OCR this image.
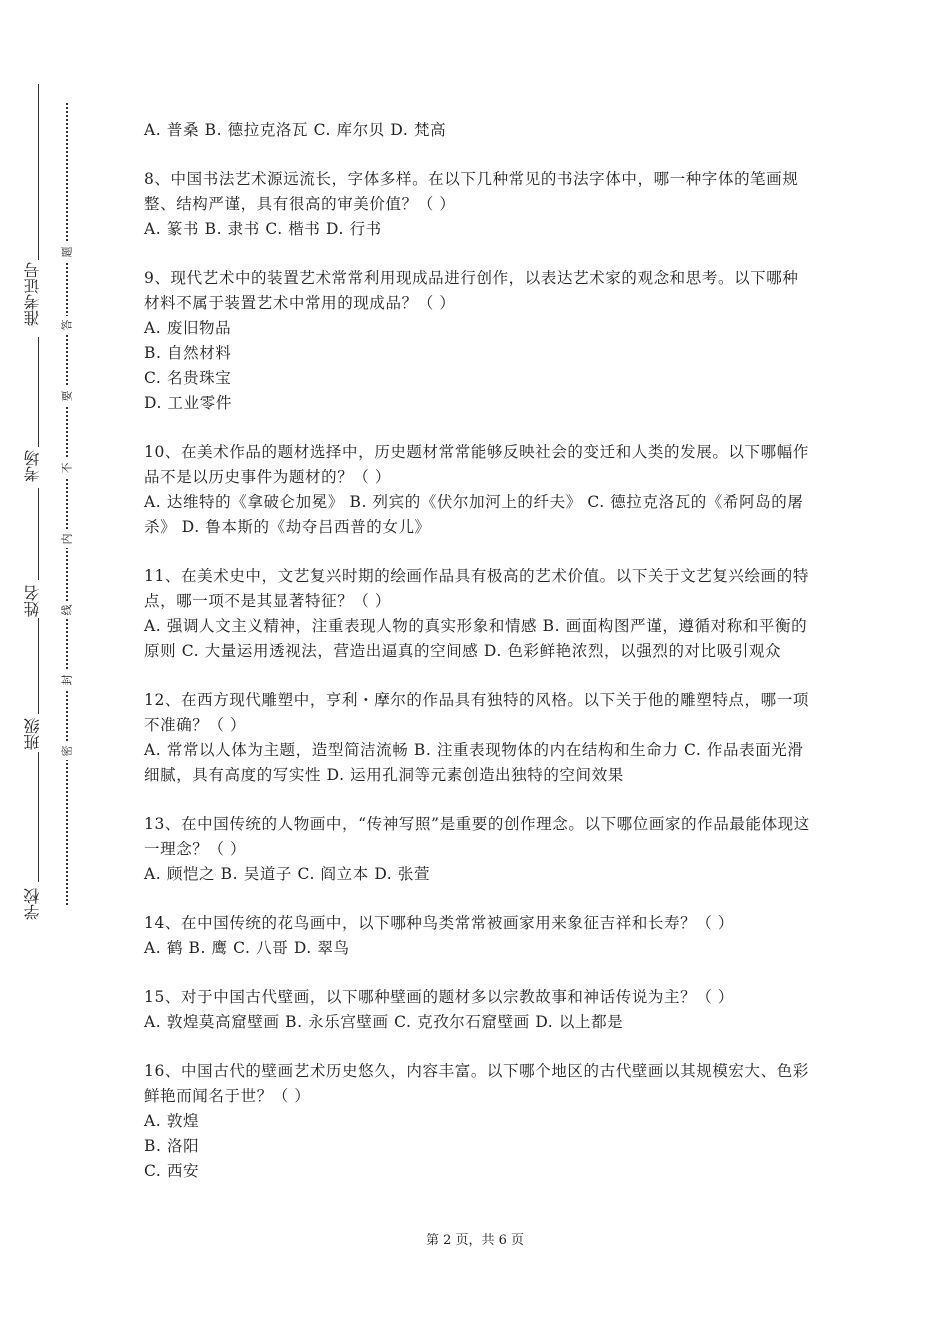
学校
班级
姓名
考场
准考证号
密
封
线
内
不
要
答
题

A. 普桑 B. 德拉克洛瓦 C. 库尔贝 D. 梵高

8、中国书法艺术源远流长，字体多样。在以下几种常见的书法字体中，哪一种字体的笔画规整、结构严谨，具有很高的审美价值？（ ）

A. 篆书 B. 隶书 C. 楷书 D. 行书

9、现代艺术中的装置艺术常常利用现成品进行创作，以表达艺术家的观念和思考。以下哪种材料不属于装置艺术中常用的现成品？（ ）

A. 废旧物品

B. 自然材料

C. 名贵珠宝

D. 工业零件

10、在美术作品的题材选择中，历史题材常常能够反映社会的变迁和人类的发展。以下哪幅作品不是以历史事件为题材的？（ ）

A. 达维特的《拿破仑加冕》 B. 列宾的《伏尔加河上的纤夫》 C. 德拉克洛瓦的《希阿岛的屠杀》 D. 鲁本斯的《劫夺吕西普的女儿》

11、在美术史中，文艺复兴时期的绘画作品具有极高的艺术价值。以下关于文艺复兴绘画的特点，哪一项不是其显著特征？（ ）

A. 强调人文主义精神，注重表现人物的真实形象和情感 B. 画面构图严谨，遵循对称和平衡的原则 C. 大量运用透视法，营造出逼真的空间感 D. 色彩鲜艳浓烈，以强烈的对比吸引观众

12、在西方现代雕塑中，亨利・摩尔的作品具有独特的风格。以下关于他的雕塑特点，哪一项不准确？（ ）

A. 常常以人体为主题，造型简洁流畅 B. 注重表现物体的内在结构和生命力 C. 作品表面光滑细腻，具有高度的写实性 D. 运用孔洞等元素创造出独特的空间效果

13、在中国传统的人物画中，“传神写照”是重要的创作理念。以下哪位画家的作品最能体现这一理念？（ ）

A. 顾恺之 B. 吴道子 C. 阎立本 D. 张萱

14、在中国传统的花鸟画中，以下哪种鸟类常常被画家用来象征吉祥和长寿？（ ）

A. 鹤 B. 鹰 C. 八哥 D. 翠鸟

15、对于中国古代壁画，以下哪种壁画的题材多以宗教故事和神话传说为主？（ ）

A. 敦煌莫高窟壁画 B. 永乐宫壁画 C. 克孜尔石窟壁画 D. 以上都是

16、中国古代的壁画艺术历史悠久，内容丰富。以下哪个地区的古代壁画以其规模宏大、色彩鲜艳而闻名于世？（ ）

A. 敦煌

B. 洛阳

C. 西安

第 2 页，共 6 页
